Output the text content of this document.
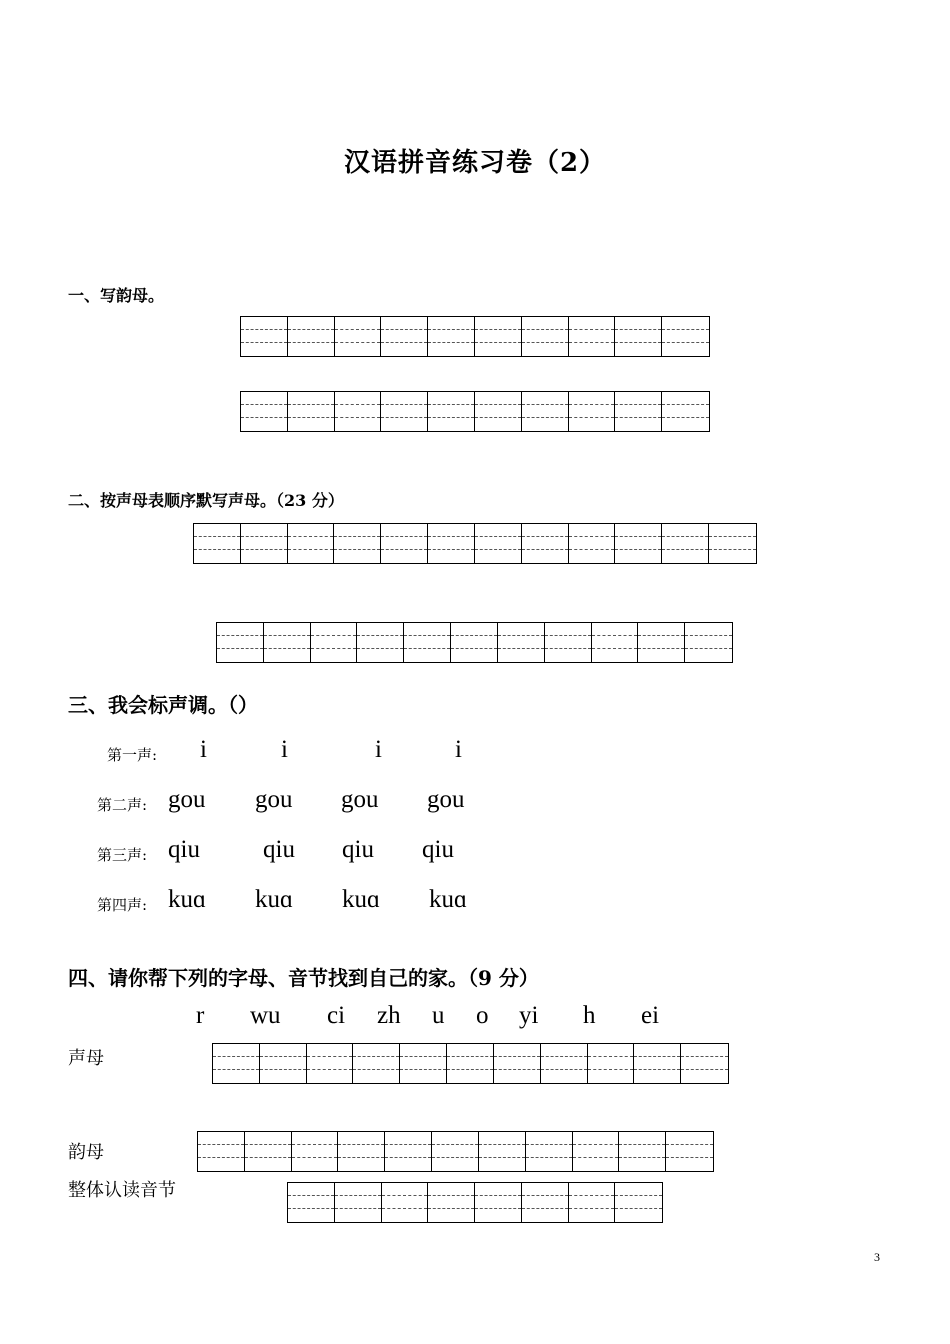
汉语拼音练习卷（2）
一、写韵母。
二、按声母表顺序默写声母。（23 分）
三、我会标声调。（）
第一声: i	i	i	i
第二声: gou gou gou gou
第三声: qiu	qiu qiu qiu
第四声: kuɑ kuɑ kuɑ kuɑ
四、请你帮下列的字母、音节找到自己的家。（9 分）
r wu ci zh u o yi h ei
声母
韵母
整体认读音节
3
